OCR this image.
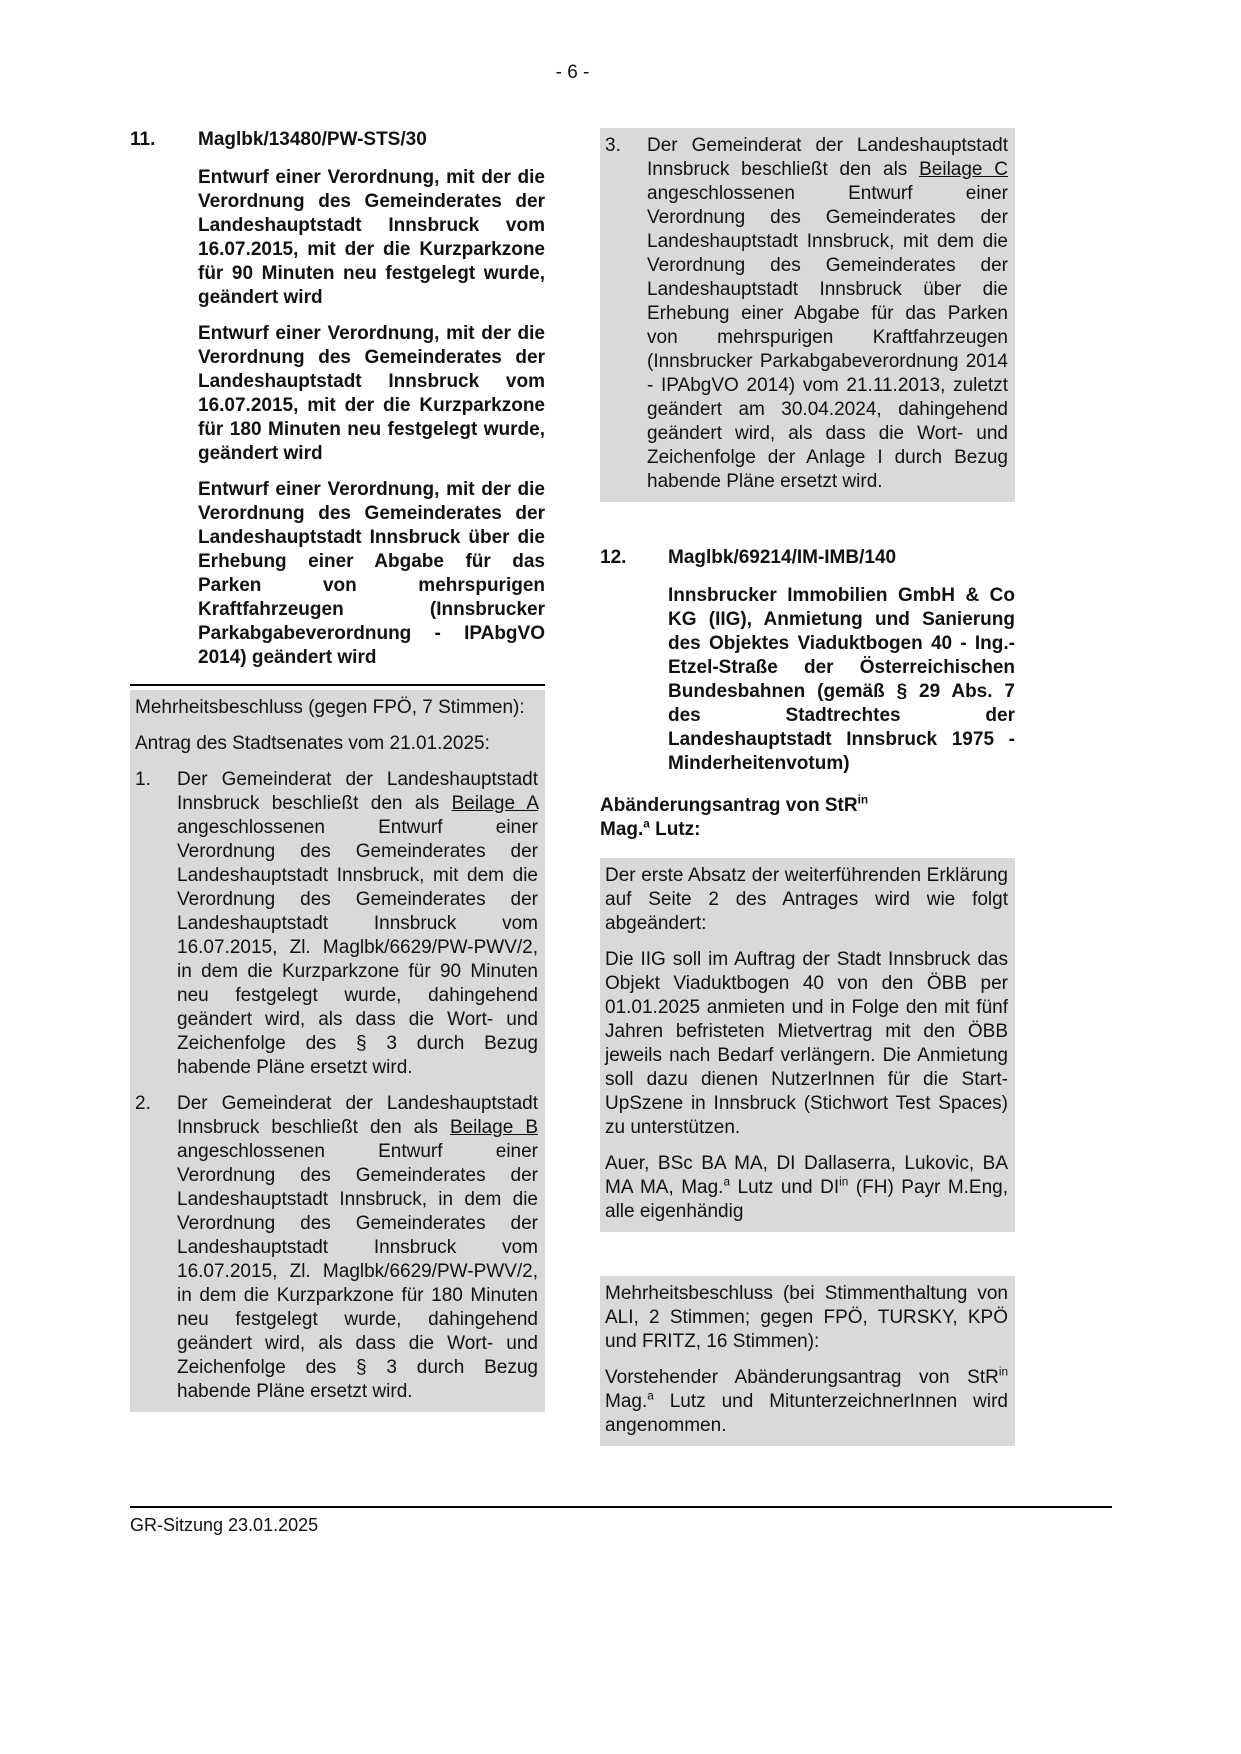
- 6 -
11.	Maglbk/13480/PW-STS/30

Entwurf einer Verordnung, mit der die Verordnung des Gemeinderates der Landeshauptstadt Innsbruck vom 16.07.2015, mit der die Kurzparkzone für 90 Minuten neu festgelegt wurde, geändert wird

Entwurf einer Verordnung, mit der die Verordnung des Gemeinderates der Landeshauptstadt Innsbruck vom 16.07.2015, mit der die Kurzparkzone für 180 Minuten neu festgelegt wurde, geändert wird

Entwurf einer Verordnung, mit der die Verordnung des Gemeinderates der Landeshauptstadt Innsbruck über die Erhebung einer Abgabe für das Parken von mehrspurigen Kraftfahrzeugen (Innsbrucker Parkabgabeverordnung - IPAbgVO 2014) geändert wird

Mehrheitsbeschluss (gegen FPÖ, 7 Stimmen):

Antrag des Stadtsenates vom 21.01.2025:

1.	Der Gemeinderat der Landeshauptstadt Innsbruck beschließt den als Beilage A angeschlossenen Entwurf einer Verordnung des Gemeinderates der Landeshauptstadt Innsbruck, mit dem die Verordnung des Gemeinderates der Landeshauptstadt Innsbruck vom 16.07.2015, Zl. Maglbk/6629/PW-PWV/2, in dem die Kurzparkzone für 90 Minuten neu festgelegt wurde, dahingehend geändert wird, als dass die Wort- und Zeichenfolge des § 3 durch Bezug habende Pläne ersetzt wird.
2.	Der Gemeinderat der Landeshauptstadt Innsbruck beschließt den als Beilage B angeschlossenen Entwurf einer Verordnung des Gemeinderates der Landeshauptstadt Innsbruck, in dem die Verordnung des Gemeinderates der Landeshauptstadt Innsbruck vom 16.07.2015, Zl. Maglbk/6629/PW-PWV/2, in dem die Kurzparkzone für 180 Minuten neu festgelegt wurde, dahingehend geändert wird, als dass die Wort- und Zeichenfolge des § 3 durch Bezug habende Pläne ersetzt wird.
3.	Der Gemeinderat der Landeshauptstadt Innsbruck beschließt den als Beilage C angeschlossenen Entwurf einer Verordnung des Gemeinderates der Landeshauptstadt Innsbruck, mit dem die Verordnung des Gemeinderates der Landeshauptstadt Innsbruck über die Erhebung einer Abgabe für das Parken von mehrspurigen Kraftfahrzeugen (Innsbrucker Parkabgabeverordnung 2014 - IPAbgVO 2014) vom 21.11.2013, zuletzt geändert am 30.04.2024, dahingehend geändert wird, als dass die Wort- und Zeichenfolge der Anlage I durch Bezug habende Pläne ersetzt wird.
12.	Maglbk/69214/IM-IMB/140

Innsbrucker Immobilien GmbH & Co KG (IIG), Anmietung und Sanierung des Objektes Viaduktbogen 40 - Ing.-Etzel-Straße der Österreichischen Bundesbahnen (gemäß § 29 Abs. 7 des Stadtrechtes der Landeshauptstadt Innsbruck 1975 - Minderheitenvotum)

Abänderungsantrag von StR$^{in}$
Mag.$^a$ Lutz:

Der erste Absatz der weiterführenden Erklärung auf Seite 2 des Antrages wird wie folgt abgeändert:

Die IIG soll im Auftrag der Stadt Innsbruck das Objekt Viaduktbogen 40 von den ÖBB per 01.01.2025 anmieten und in Folge den mit fünf Jahren befristeten Mietvertrag mit den ÖBB jeweils nach Bedarf verlängern. Die Anmietung soll dazu dienen NutzerInnen für die Start-UpSzene in Innsbruck (Stichwort Test Spaces) zu unterstützen.

Auer, BSc BA MA, DI Dallaserra, Lukovic, BA MA MA, Mag.$^a$ Lutz und $DI^{in}$ (FH) Payr M.Eng, alle eigenhändig

Mehrheitsbeschluss (bei Stimmenthaltung von ALI, 2 Stimmen; gegen FPÖ, TURSKY, KPÖ und FRITZ, 16 Stimmen):

Vorstehender Abänderungsantrag von StR$^{in}$ Mag.$^a$ Lutz und MitunterzeichnerInnen wird angenommen.

GR-Sitzung 23.01.2025
